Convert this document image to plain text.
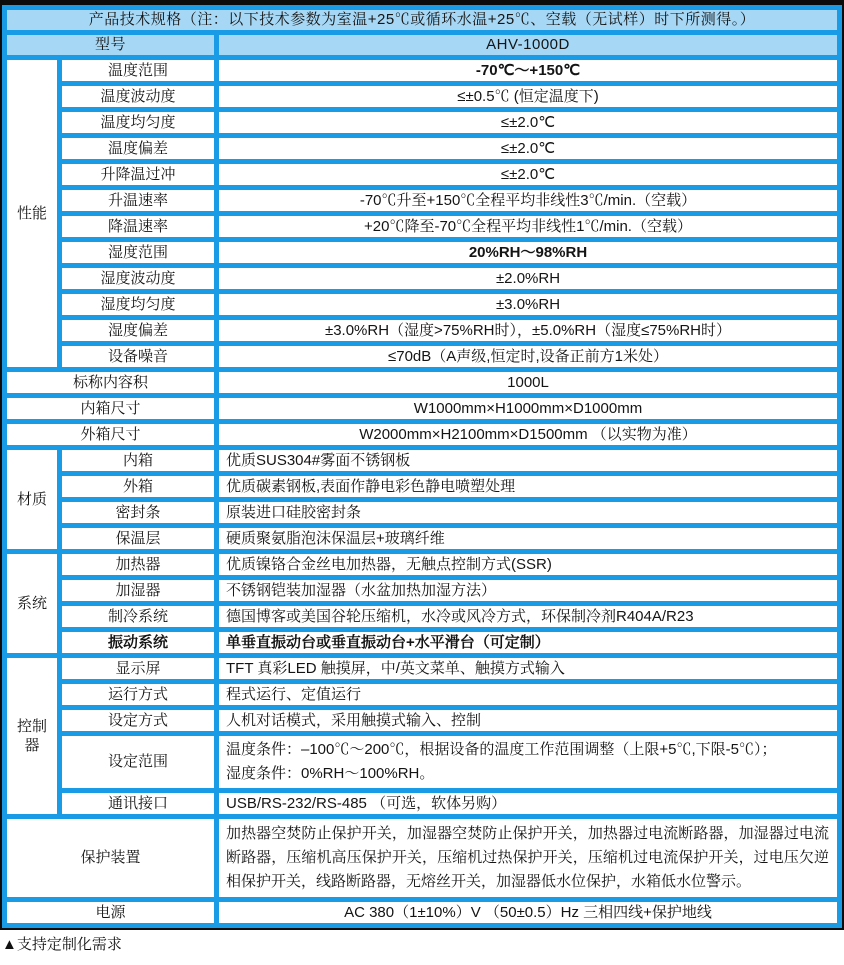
产品技术规格（注：以下技术参数为室温+25℃或循环水温+25℃、空载（无试样）时下所测得。）		
型号		AHV-1000D
性能	温度范围	-70℃～+150℃
	温度波动度	≤±0.5℃ (恒定温度下)
	温度均匀度	≤±2.0℃
	温度偏差	≤±2.0℃
	升降温过冲	≤±2.0℃
	升温速率	-70℃升至+150℃全程平均非线性3℃/min.（空载）
	降温速率	+20℃降至-70℃全程平均非线性1℃/min.（空载）
	湿度范围	20%RH～98%RH
	湿度波动度	±2.0%RH
	湿度均匀度	±3.0%RH
	湿度偏差	±3.0%RH（湿度>75%RH时），±5.0%RH（湿度≤75%RH时）
	设备噪音	≤70dB（A声级,恒定时,设备正前方1米处）
标称内容积		1000L
内箱尺寸		W1000mm×H1000mm×D1000mm
外箱尺寸		W2000mm×H2100mm×D1500mm （以实物为准）
材质	内箱	优质SUS304#雾面不锈钢板
	外箱	优质碳素钢板,表面作静电彩色静电喷塑处理
	密封条	原装进口硅胶密封条
	保温层	硬质聚氨脂泡沫保温层+玻璃纤维
系统	加热器	优质镍铬合金丝电加热器，无触点控制方式(SSR)
	加湿器	不锈钢铠装加湿器（水盆加热加湿方法）
	制冷系统	德国博客或美国谷轮压缩机，水冷或风冷方式，环保制冷剂R404A/R23
	振动系统	单垂直振动台或垂直振动台+水平滑台（可定制）
控制器	显示屏	TFT 真彩LED 触摸屏，中/英文菜单、触摸方式输入
	运行方式	程式运行、定值运行
	设定方式	人机对话模式，采用触摸式输入、控制
	设定范围	温度条件：–100℃～200℃，根据设备的温度工作范围调整（上限+5℃,下限-5℃）；
湿度条件：0%RH～100%RH。

	通讯接口	USB/RS-232/RS-485 （可选，软体另购）
保护装置		加热器空焚防止保护开关，加湿器空焚防止保护开关，加热器过电流断路器，加湿器过电流断路器，压缩机高压保护开关，压缩机过热保护开关，压缩机过电流保护开关，过电压欠逆相保护开关，线路断路器，无熔丝开关，加湿器低水位保护，水箱低水位警示。
电源		AC 380（1±10%）V （50±0.5）Hz 三相四线+保护地线
▲支持定制化需求
